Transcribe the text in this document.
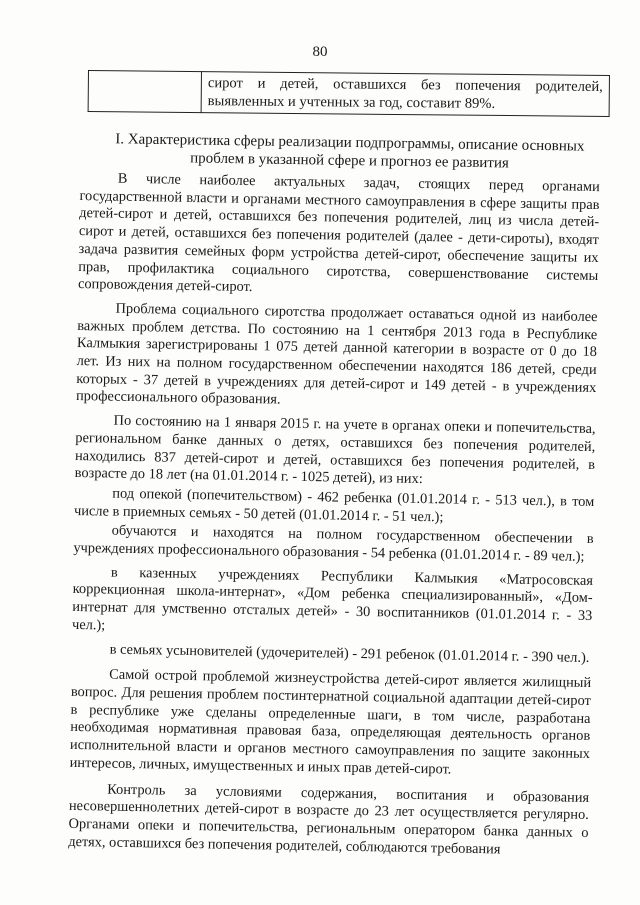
80
	сирот и детей, оставшихся без попечения родителей, выявленных и учтенных за год, составит 89%.
I. Характеристика сферы реализации подпрограммы, описание основных проблем в указанной сфере и прогноз ее развития

В числе наиболее актуальных задач, стоящих перед органами государственной власти и органами местного самоуправления в сфере защиты прав детей-сирот и детей, оставшихся без попечения родителей, лиц из числа детей-сирот и детей, оставшихся без попечения родителей (далее - дети-сироты), входят задача развития семейных форм устройства детей-сирот, обеспечение защиты их прав, профилактика социального сиротства, совершенствование системы сопровождения детей-сирот.

Проблема социального сиротства продолжает оставаться одной из наиболее важных проблем детства. По состоянию на 1 сентября 2013 года в Республике Калмыкия зарегистрированы 1 075 детей данной категории в возрасте от 0 до 18 лет. Из них на полном государственном обеспечении находятся 186 детей, среди которых - 37 детей в учреждениях для детей-сирот и 149 детей - в учреждениях профессионального образования.

По состоянию на 1 января 2015 г. на учете в органах опеки и попечительства, региональном банке данных о детях, оставшихся без попечения родителей, находились 837 детей-сирот и детей, оставшихся без попечения родителей, в возрасте до 18 лет (на 01.01.2014 г. - 1025 детей), из них:

под опекой (попечительством) - 462 ребенка (01.01.2014 г. - 513 чел.), в том числе в приемных семьях - 50 детей (01.01.2014 г. - 51 чел.);

обучаются и находятся на полном государственном обеспечении в учреждениях профессионального образования - 54 ребенка (01.01.2014 г. - 89 чел.);

в казенных учреждениях Республики Калмыкия «Матросовская коррекционная школа-интернат», «Дом ребенка специализированный», «Дом-интернат для умственно отсталых детей» - 30 воспитанников (01.01.2014 г. - 33 чел.);

в семьях усыновителей (удочерителей) - 291 ребенок (01.01.2014 г. - 390 чел.).

Самой острой проблемой жизнеустройства детей-сирот является жилищный вопрос. Для решения проблем постинтернатной социальной адаптации детей-сирот в республике уже сделаны определенные шаги, в том числе, разработана необходимая нормативная правовая база, определяющая деятельность органов исполнительной власти и органов местного самоуправления по защите законных интересов, личных, имущественных и иных прав детей-сирот.

Контроль за условиями содержания, воспитания и образования несовершеннолетних детей-сирот в возрасте до 23 лет осуществляется регулярно. Органами опеки и попечительства, региональным оператором банка данных о детях, оставшихся без попечения родителей, соблюдаются требования
